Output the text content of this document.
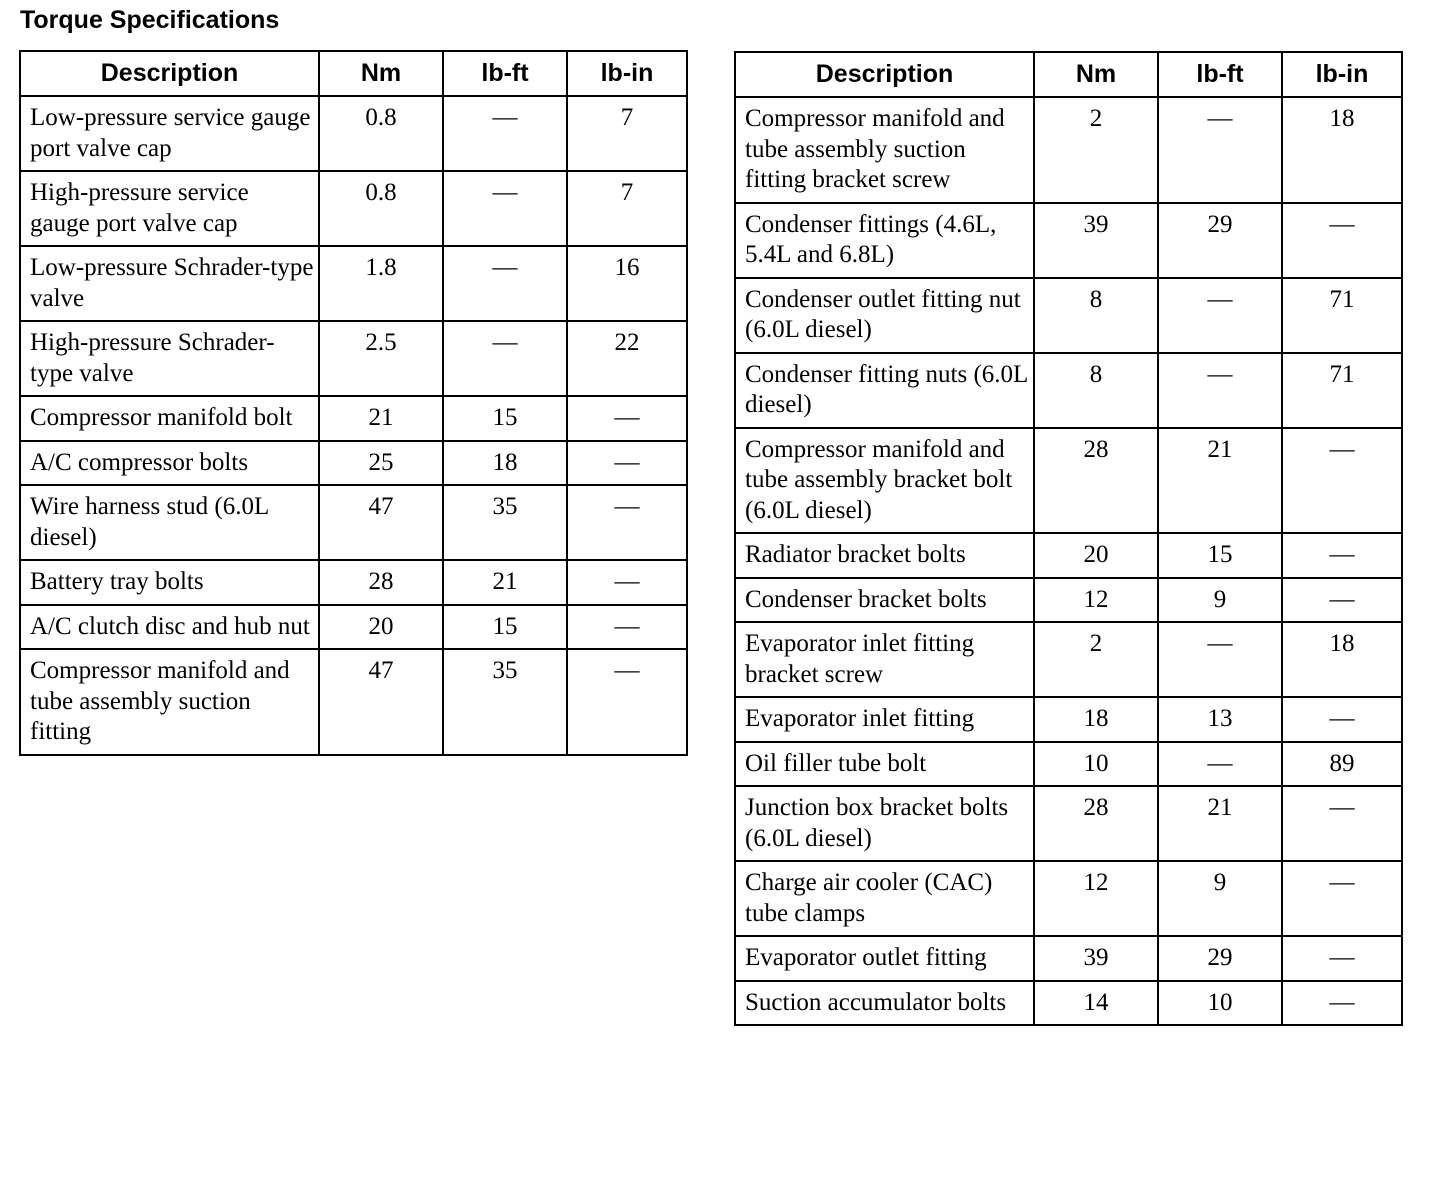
Torque Specifications
Description	Nm	lb-ft	lb-in
Low-pressure service gauge port valve cap	0.8	—	7
High-pressure service gauge port valve cap	0.8	—	7
Low-pressure Schrader-type valve	1.8	—	16
High-pressure Schrader-type valve	2.5	—	22
Compressor manifold bolt	21	15	—
A/C compressor bolts	25	18	—
Wire harness stud (6.0L diesel)	47	35	—
Battery tray bolts	28	21	—
A/C clutch disc and hub nut	20	15	—
Compressor manifold and tube assembly suction fitting	47	35	—
Description	Nm	lb-ft	lb-in
Compressor manifold and tube assembly suction fitting bracket screw	2	—	18
Condenser fittings (4.6L, 5.4L and 6.8L)	39	29	—
Condenser outlet fitting nut (6.0L diesel)	8	—	71
Condenser fitting nuts (6.0L diesel)	8	—	71
Compressor manifold and tube assembly bracket bolt (6.0L diesel)	28	21	—
Radiator bracket bolts	20	15	—
Condenser bracket bolts	12	9	—
Evaporator inlet fitting bracket screw	2	—	18
Evaporator inlet fitting	18	13	—
Oil filler tube bolt	10	—	89
Junction box bracket bolts (6.0L diesel)	28	21	—
Charge air cooler (CAC) tube clamps	12	9	—
Evaporator outlet fitting	39	29	—
Suction accumulator bolts	14	10	—
